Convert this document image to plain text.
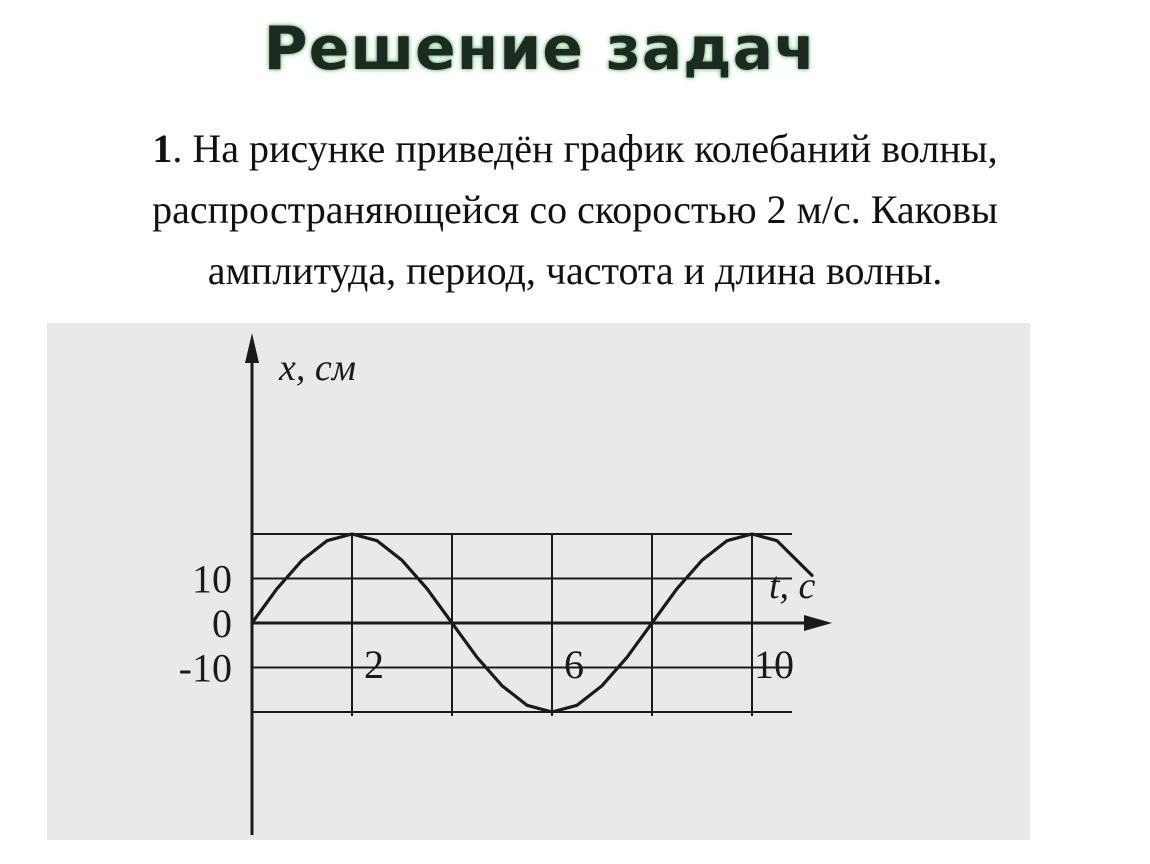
Решение задач
1. На рисунке приведён график колебаний волны,
распространяющейся со скоростью 2 м/с. Каковы
амплитуда, период, частота и длина волны.
x, см
t, с
2	6	10
10
0
-10
